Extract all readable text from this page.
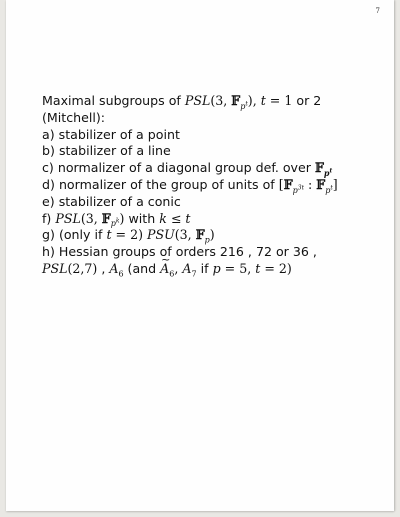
7
Maximal subgroups of PSL(3, 𝔽$_{p^t}$), t = 1 or 2
(Mitchell):
a) stabilizer of a point
b) stabilizer of a line
c) normalizer of a diagonal group def. over 𝔽$_{p^t}$
d) normalizer of the group of units of [𝔽$_{p^{3t}}$ : 𝔽$_{p^t}$]
e) stabilizer of a conic
f) PSL(3, 𝔽$_{p^k}$) with k ≤ t
g) (only if t = 2) PSU(3, 𝔽$_p$)
h) Hessian groups of orders 216 , 72 or 36 ,
PSL(2,7) , $A_6$ (and ~ $A_6$, $A_7$ if p = 5, t = 2)
